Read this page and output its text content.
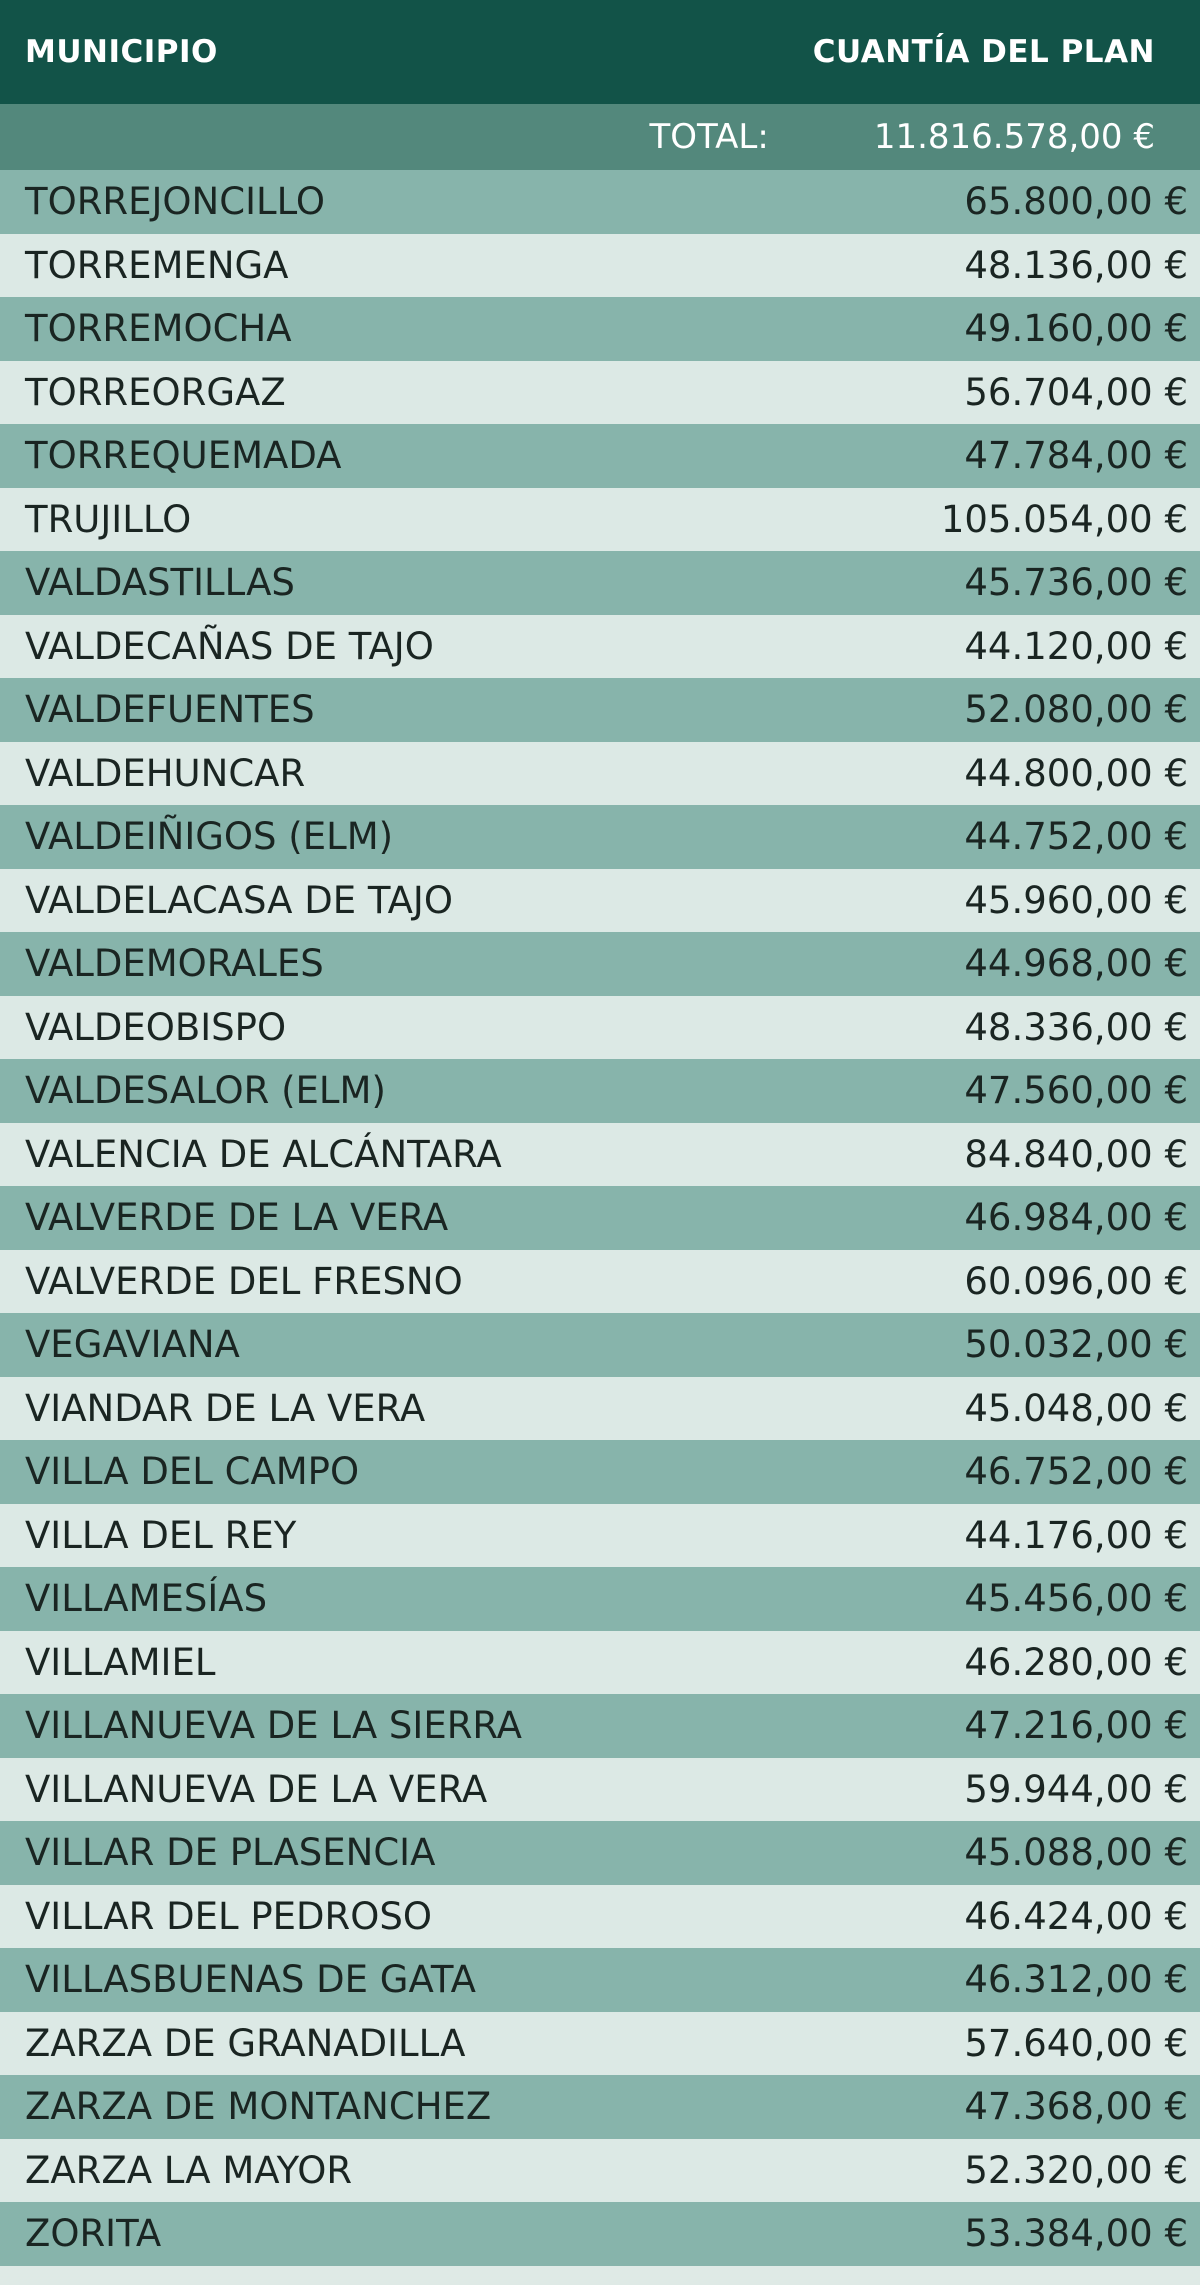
MUNICIPIO	CUANTÍA DEL PLAN
TOTAL:	11.816.578,00 €
TORREJONCILLO	65.800,00 €
TORREMENGA	48.136,00 €
TORREMOCHA	49.160,00 €
TORREORGAZ	56.704,00 €
TORREQUEMADA	47.784,00 €
TRUJILLO	105.054,00 €
VALDASTILLAS	45.736,00 €
VALDECAÑAS DE TAJO	44.120,00 €
VALDEFUENTES	52.080,00 €
VALDEHUNCAR	44.800,00 €
VALDEIÑIGOS (ELM)	44.752,00 €
VALDELACASA DE TAJO	45.960,00 €
VALDEMORALES	44.968,00 €
VALDEOBISPO	48.336,00 €
VALDESALOR (ELM)	47.560,00 €
VALENCIA DE ALCÁNTARA	84.840,00 €
VALVERDE DE LA VERA	46.984,00 €
VALVERDE DEL FRESNO	60.096,00 €
VEGAVIANA	50.032,00 €
VIANDAR DE LA VERA	45.048,00 €
VILLA DEL CAMPO	46.752,00 €
VILLA DEL REY	44.176,00 €
VILLAMESÍAS	45.456,00 €
VILLAMIEL	46.280,00 €
VILLANUEVA DE LA SIERRA	47.216,00 €
VILLANUEVA DE LA VERA	59.944,00 €
VILLAR DE PLASENCIA	45.088,00 €
VILLAR DEL PEDROSO	46.424,00 €
VILLASBUENAS DE GATA	46.312,00 €
ZARZA DE GRANADILLA	57.640,00 €
ZARZA DE MONTANCHEZ	47.368,00 €
ZARZA LA MAYOR	52.320,00 €
ZORITA	53.384,00 €
